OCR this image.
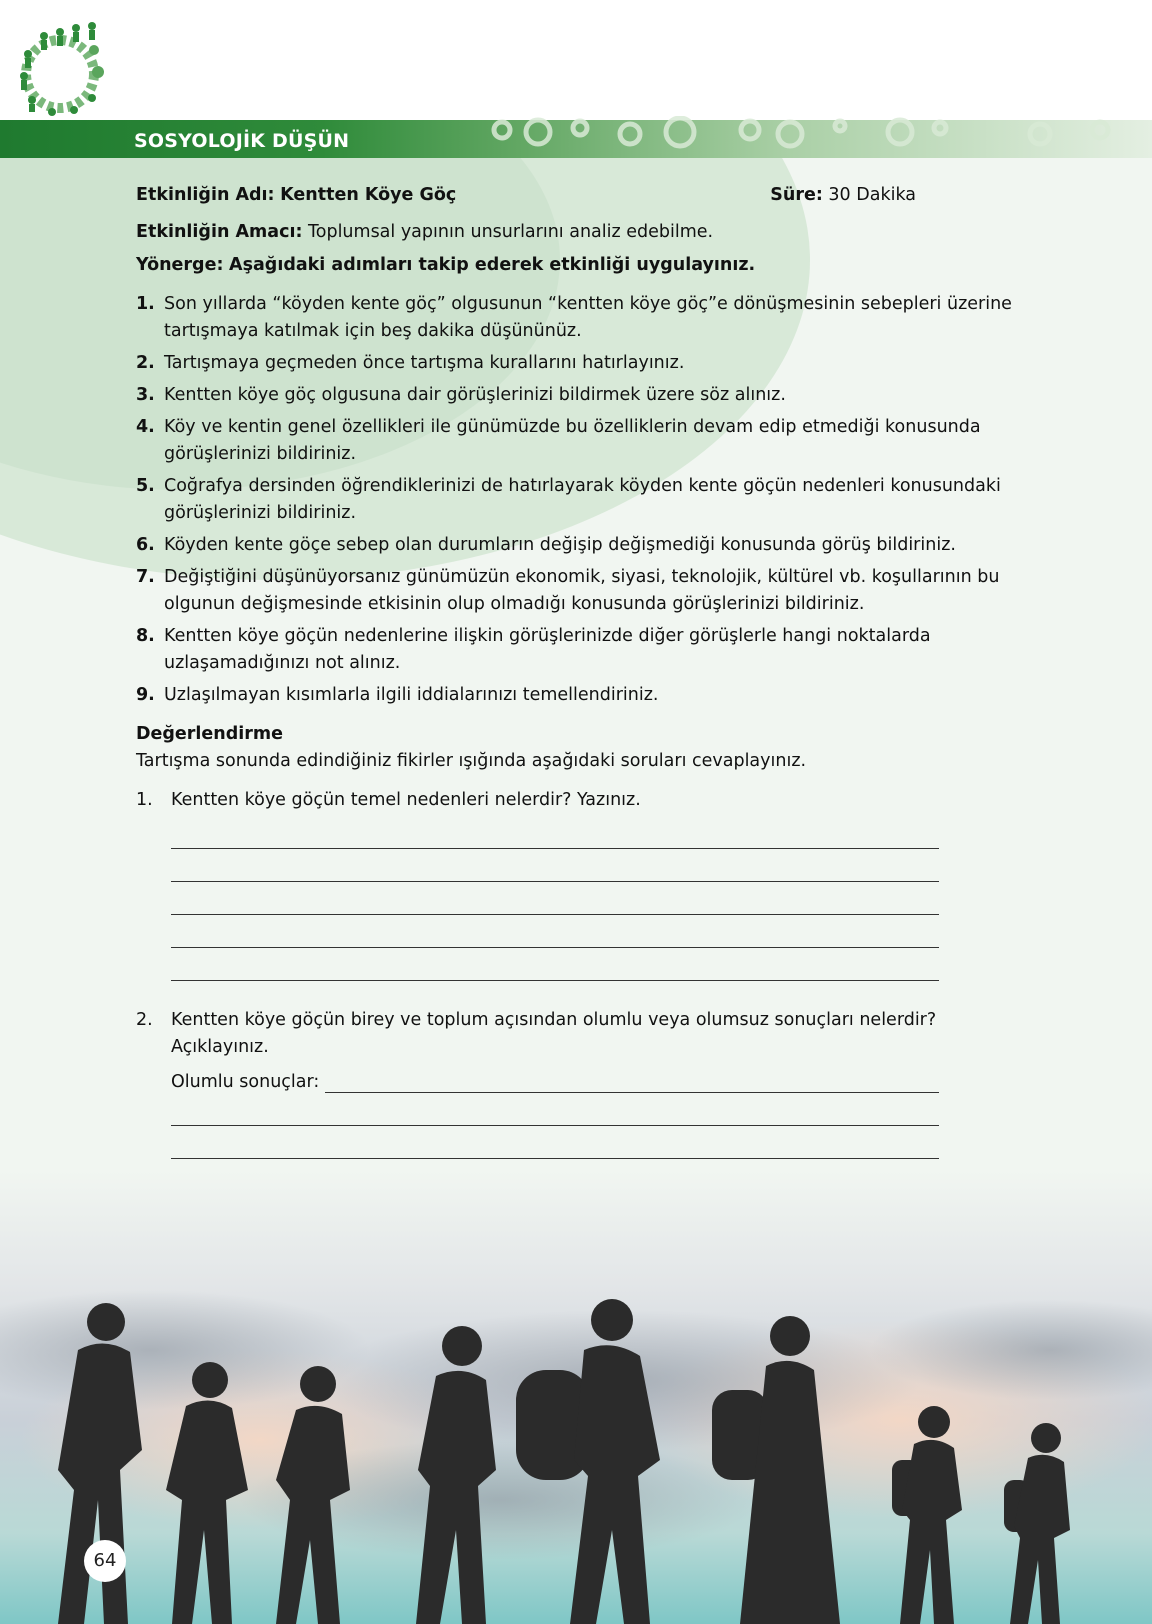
SOSYOLOJİK DÜŞÜN
Etkinliğin Adı: Kentten Köye Göç	Süre: 30 Dakika

Etkinliğin Amacı: Toplumsal yapının unsurlarını analiz edebilme.

Yönerge: Aşağıdaki adımları takip ederek etkinliği uygulayınız.

1. Son yıllarda “köyden kente göç” olgusunun “kentten köye göç”e dönüşmesinin sebepleri üzerine tartışmaya katılmak için beş dakika düşününüz.
2. Tartışmaya geçmeden önce tartışma kurallarını hatırlayınız.
3. Kentten köye göç olgusuna dair görüşlerinizi bildirmek üzere söz alınız.
4. Köy ve kentin genel özellikleri ile günümüzde bu özelliklerin devam edip etmediği konusunda görüşlerinizi bildiriniz.
5. Coğrafya dersinden öğrendiklerinizi de hatırlayarak köyden kente göçün nedenleri konusundaki görüşlerinizi bildiriniz.
6. Köyden kente göçe sebep olan durumların değişip değişmediği konusunda görüş bildiriniz.
7. Değiştiğini düşünüyorsanız günümüzün ekonomik, siyasi, teknolojik, kültürel vb. koşullarının bu olgunun değişmesinde etkisinin olup olmadığı konusunda görüşlerinizi bildiriniz.
8. Kentten köye göçün nedenlerine ilişkin görüşlerinizde diğer görüşlerle hangi noktalarda uzlaşamadığınızı not alınız.
9. Uzlaşılmayan kısımlarla ilgili iddialarınızı temellendiriniz.
Değerlendirme
Tartışma sonunda edindiğiniz fikirler ışığında aşağıdaki soruları cevaplayınız.
1.	Kentten köye göçün temel nedenleri nelerdir? Yazınız.
2.	Kentten köye göçün birey ve toplum açısından olumlu veya olumsuz sonuçları nelerdir? Açıklayınız.
Olumlu sonuçlar:
64
